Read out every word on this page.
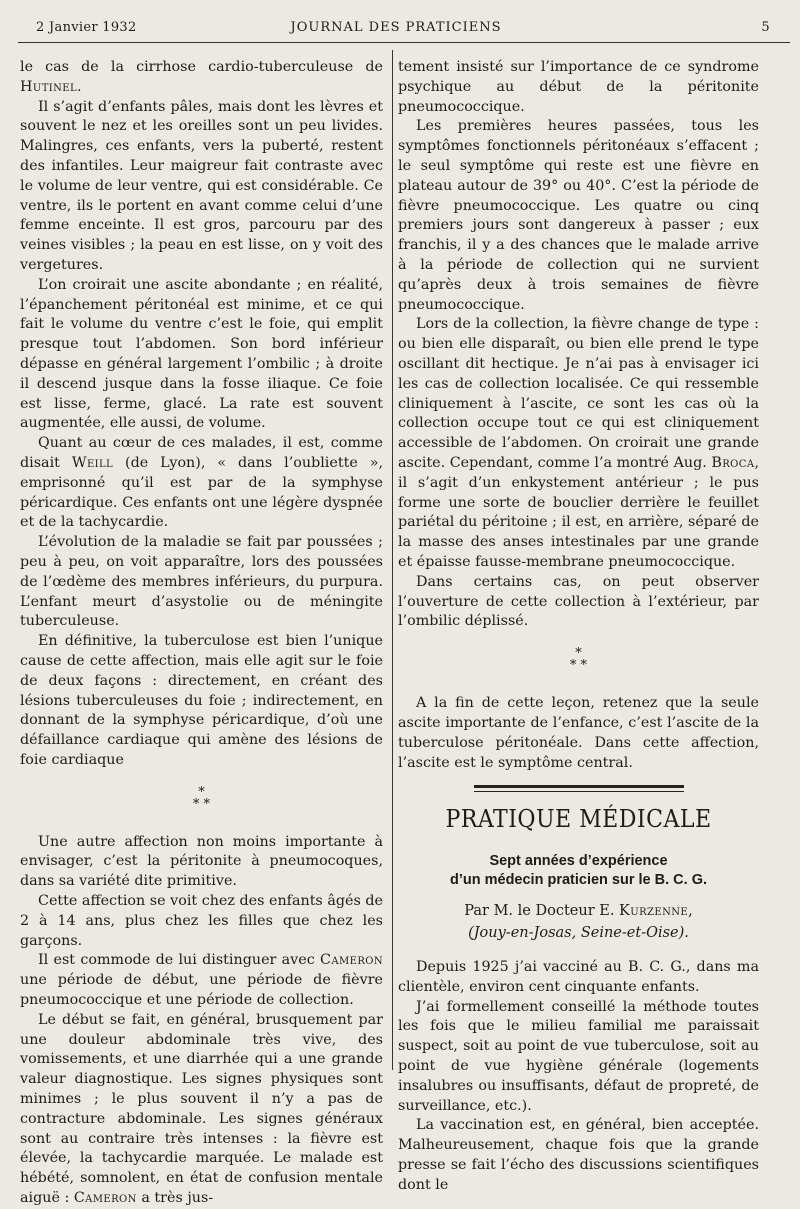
2 Janvier 1932	JOURNAL DES PRATICIENS	5

le cas de la cirrhose cardio-tuberculeuse de Hutinel.

Il s’agit d’enfants pâles, mais dont les lèvres et souvent le nez et les oreilles sont un peu livides. Malingres, ces enfants, vers la puberté, restent des infantiles. Leur maigreur fait contraste avec le volume de leur ventre, qui est considérable. Ce ventre, ils le portent en avant comme celui d’une femme enceinte. Il est gros, parcouru par des veines visibles ; la peau en est lisse, on y voit des vergetures.

L’on croirait une ascite abondante ; en réalité, l’épanchement péritonéal est minime, et ce qui fait le volume du ventre c’est le foie, qui emplit presque tout l’abdomen. Son bord inférieur dépasse en général largement l’ombilic ; à droite il descend jusque dans la fosse iliaque. Ce foie est lisse, ferme, glacé. La rate est souvent augmentée, elle aussi, de volume.

Quant au cœur de ces malades, il est, comme disait Weill (de Lyon), « dans l’oubliette », emprisonné qu’il est par de la symphyse péricardique. Ces enfants ont une légère dyspnée et de la tachycardie.

L’évolution de la maladie se fait par poussées ; peu à peu, on voit apparaître, lors des poussées de l’œdème des membres inférieurs, du purpura. L’enfant meurt d’asystolie ou de méningite tuberculeuse.

En définitive, la tuberculose est bien l’unique cause de cette affection, mais elle agit sur le foie de deux façons : directement, en créant des lésions tuberculeuses du foie ; indirectement, en donnant de la symphyse péricardique, d’où une défaillance cardiaque qui amène des lésions de foie cardiaque

*
* *

Une autre affection non moins importante à envisager, c’est la péritonite à pneumocoques, dans sa variété dite primitive.

Cette affection se voit chez des enfants âgés de 2 à 14 ans, plus chez les filles que chez les garçons.

Il est commode de lui distinguer avec Cameron une période de début, une période de fièvre pneumococcique et une période de collection.

Le début se fait, en général, brusquement par une douleur abdominale très vive, des vomissements, et une diarrhée qui a une grande valeur diagnostique. Les signes physiques sont minimes ; le plus souvent il n’y a pas de contracture abdominale. Les signes généraux sont au contraire très intenses : la fièvre est élevée, la tachycardie marquée. Le malade est hébété, somnolent, en état de confusion mentale aiguë : Cameron a très jus-

tement insisté sur l’importance de ce syndrome psychique au début de la péritonite pneumococcique.

Les premières heures passées, tous les symptômes fonctionnels péritonéaux s’effacent ; le seul symptôme qui reste est une fièvre en plateau autour de 39° ou 40°. C’est la période de fièvre pneumococcique. Les quatre ou cinq premiers jours sont dangereux à passer ; eux franchis, il y a des chances que le malade arrive à la période de collection qui ne survient qu’après deux à trois semaines de fièvre pneumococcique.

Lors de la collection, la fièvre change de type : ou bien elle disparaît, ou bien elle prend le type oscillant dit hectique. Je n’ai pas à envisager ici les cas de collection localisée. Ce qui ressemble cliniquement à l’ascite, ce sont les cas où la collection occupe tout ce qui est cliniquement accessible de l’abdomen. On croirait une grande ascite. Cependant, comme l’a montré Aug. Broca, il s’agit d’un enkystement antérieur ; le pus forme une sorte de bouclier derrière le feuillet pariétal du péritoine ; il est, en arrière, séparé de la masse des anses intestinales par une grande et épaisse fausse-membrane pneumococcique.

Dans certains cas, on peut observer l’ouverture de cette collection à l’extérieur, par l’ombilic déplissé.

*
* *

A la fin de cette leçon, retenez que la seule ascite importante de l’enfance, c’est l’ascite de la tuberculose péritonéale. Dans cette affection, l’ascite est le symptôme central.

PRATIQUE MÉDICALE
Sept années d’expérience
d’un médecin praticien sur le B. C. G.
Par M. le Docteur E. Kurzenne,
(Jouy-en-Josas, Seine-et-Oise).

Depuis 1925 j’ai vacciné au B. C. G., dans ma clientèle, environ cent cinquante enfants.

J’ai formellement conseillé la méthode toutes les fois que le milieu familial me paraissait suspect, soit au point de vue tuberculose, soit au point de vue hygiène générale (logements insalubres ou insuffisants, défaut de propreté, de surveillance, etc.).

La vaccination est, en général, bien acceptée. Malheureusement, chaque fois que la grande presse se fait l’écho des discussions scientifiques dont le
